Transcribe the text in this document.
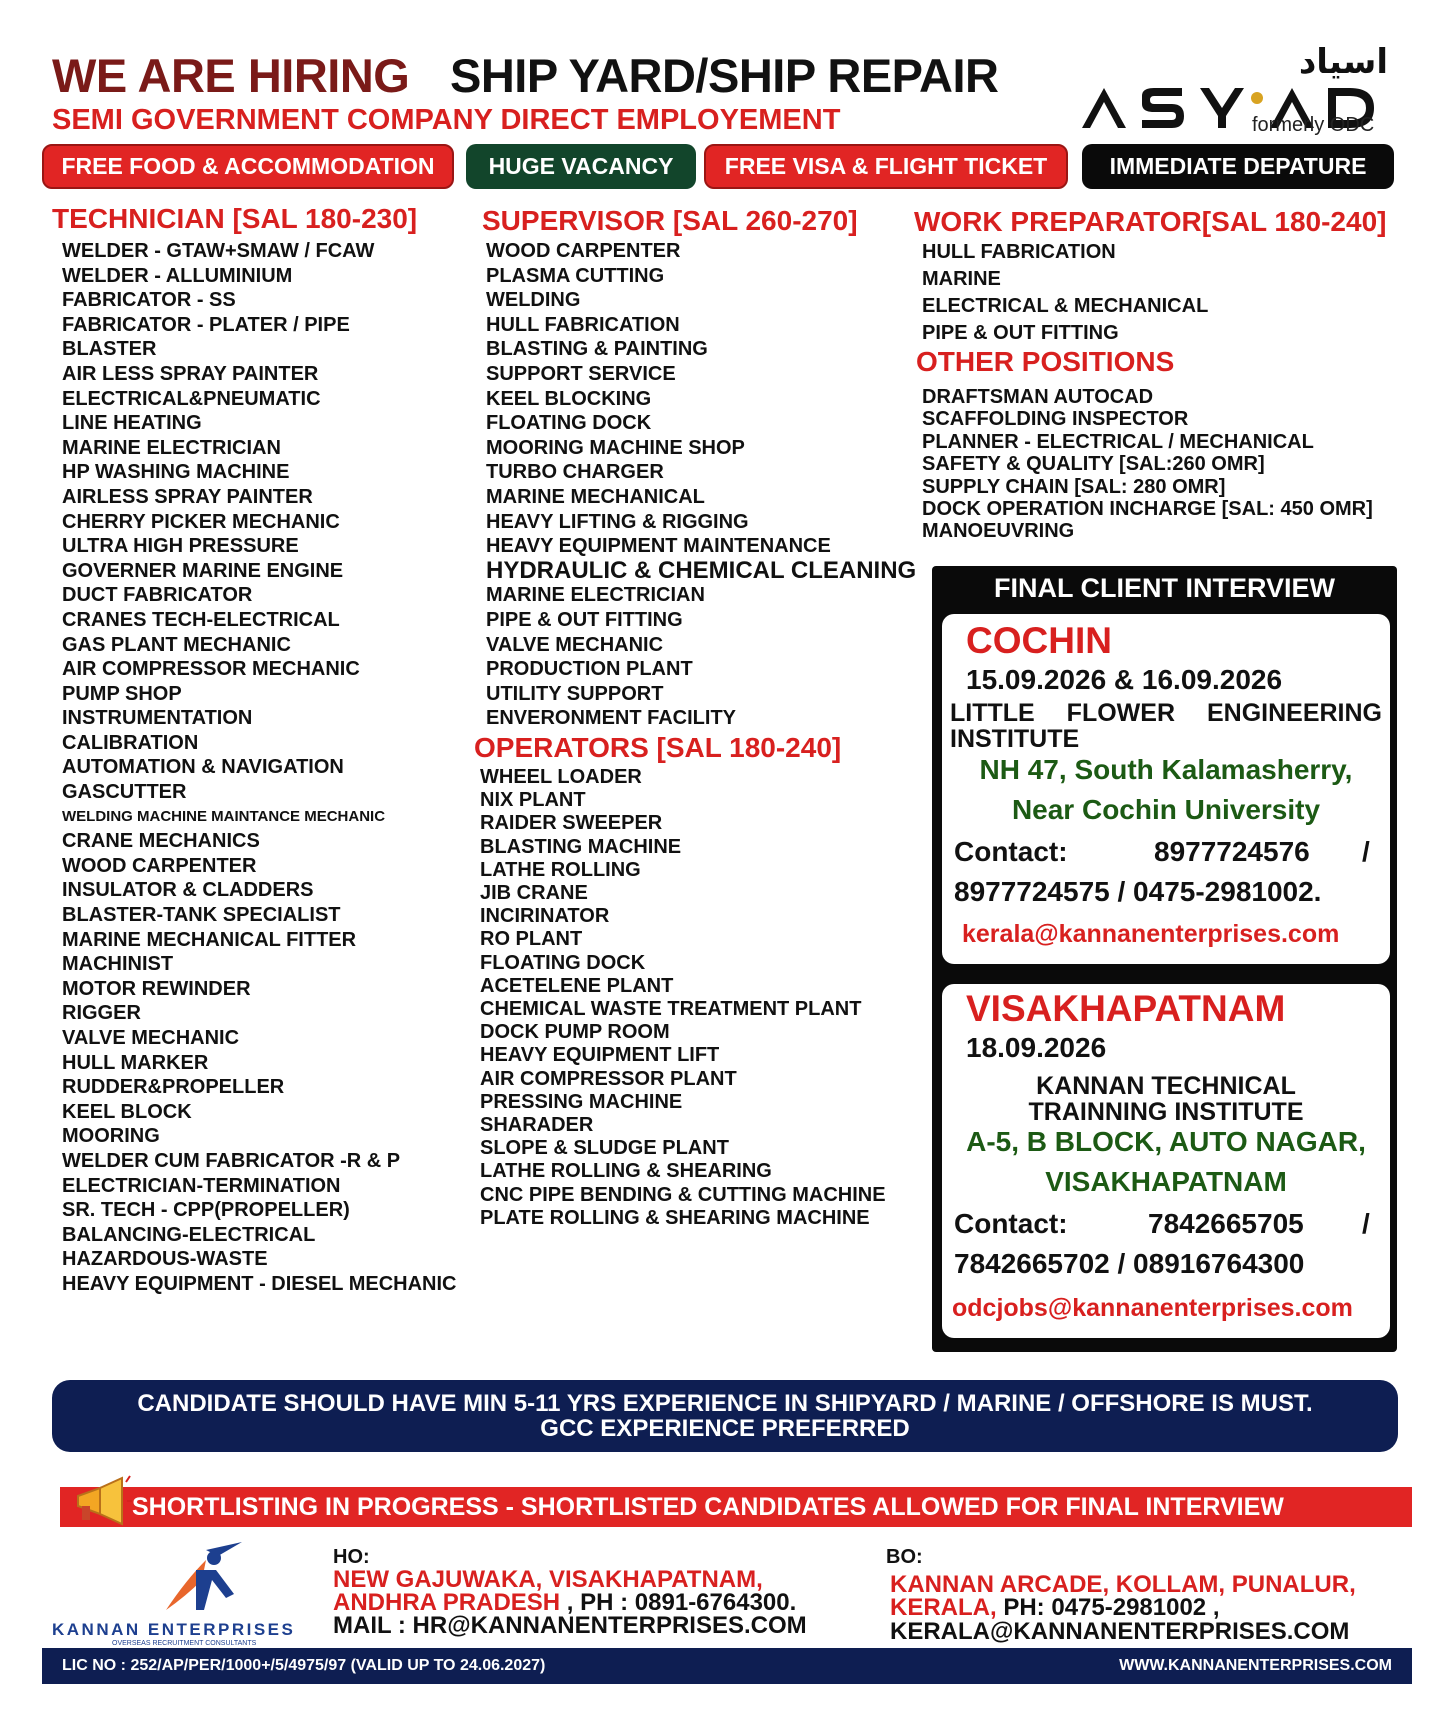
WE ARE HIRING SHIP YARD/SHIP REPAIR
SEMI GOVERNMENT COMPANY DIRECT EMPLOYEMENT
اسياد
formerly ODC
FREE FOOD & ACCOMMODATION	HUGE VACANCY	FREE VISA & FLIGHT TICKET	IMMEDIATE DEPATURE
TECHNICIAN [SAL 180-230]
WELDER - GTAW+SMAW / FCAW
WELDER - ALLUMINIUM
FABRICATOR - SS
FABRICATOR - PLATER / PIPE
BLASTER
AIR LESS SPRAY PAINTER
ELECTRICAL&PNEUMATIC
LINE HEATING
MARINE ELECTRICIAN
HP WASHING MACHINE
AIRLESS SPRAY PAINTER
CHERRY PICKER MECHANIC
ULTRA HIGH PRESSURE
GOVERNER MARINE ENGINE
DUCT FABRICATOR
CRANES TECH-ELECTRICAL
GAS PLANT MECHANIC
AIR COMPRESSOR MECHANIC
PUMP SHOP
INSTRUMENTATION
CALIBRATION
AUTOMATION & NAVIGATION
GASCUTTER
WELDING MACHINE MAINTANCE MECHANIC
CRANE MECHANICS
WOOD CARPENTER
INSULATOR & CLADDERS
BLASTER-TANK SPECIALIST
MARINE MECHANICAL FITTER
MACHINIST
MOTOR REWINDER
RIGGER
VALVE MECHANIC
HULL MARKER
RUDDER&PROPELLER
KEEL BLOCK
MOORING
WELDER CUM FABRICATOR -R & P
ELECTRICIAN-TERMINATION
SR. TECH - CPP(PROPELLER)
BALANCING-ELECTRICAL
HAZARDOUS-WASTE
HEAVY EQUIPMENT - DIESEL MECHANIC
SUPERVISOR [SAL 260-270]
WOOD CARPENTER
PLASMA CUTTING
WELDING
HULL FABRICATION
BLASTING & PAINTING
SUPPORT SERVICE
KEEL BLOCKING
FLOATING DOCK
MOORING MACHINE SHOP
TURBO CHARGER
MARINE MECHANICAL
HEAVY LIFTING & RIGGING
HEAVY EQUIPMENT MAINTENANCE
HYDRAULIC & CHEMICAL CLEANING
MARINE ELECTRICIAN
PIPE & OUT FITTING
VALVE MECHANIC
PRODUCTION PLANT
UTILITY SUPPORT
ENVERONMENT FACILITY
OPERATORS [SAL 180-240]
WHEEL LOADER
NIX PLANT
RAIDER SWEEPER
BLASTING MACHINE
LATHE ROLLING
JIB CRANE
INCIRINATOR
RO PLANT
FLOATING DOCK
ACETELENE PLANT
CHEMICAL WASTE TREATMENT PLANT
DOCK PUMP ROOM
HEAVY EQUIPMENT LIFT
AIR COMPRESSOR PLANT
PRESSING MACHINE
SHARADER
SLOPE & SLUDGE PLANT
LATHE ROLLING & SHEARING
CNC PIPE BENDING & CUTTING MACHINE
PLATE ROLLING & SHEARING MACHINE
WORK PREPARATOR[SAL 180-240]
HULL FABRICATION
MARINE
ELECTRICAL & MECHANICAL
PIPE & OUT FITTING
OTHER POSITIONS
DRAFTSMAN AUTOCAD
SCAFFOLDING INSPECTOR
PLANNER - ELECTRICAL / MECHANICAL
SAFETY & QUALITY [SAL:260 OMR]
SUPPLY CHAIN [SAL: 280 OMR]
DOCK OPERATION INCHARGE [SAL: 450 OMR]
MANOEUVRING
FINAL CLIENT INTERVIEW
COCHIN
15.09.2026 & 16.09.2026
LITTLE FLOWER ENGINEERING INSTITUTE
NH 47, South Kalamasherry,
Near Cochin University
Contact:	8977724576 /
8977724575 / 0475-2981002.
kerala@kannanenterprises.com
VISAKHAPATNAM
18.09.2026
KANNAN TECHNICAL
TRAINNING INSTITUTE
A-5, B BLOCK, AUTO NAGAR,
VISAKHAPATNAM
Contact:	7842665705 /
7842665702 / 08916764300
odcjobs@kannanenterprises.com
CANDIDATE SHOULD HAVE MIN 5-11 YRS EXPERIENCE IN SHIPYARD / MARINE / OFFSHORE IS MUST.
GCC EXPERIENCE PREFERRED
SHORTLISTING IN PROGRESS - SHORTLISTED CANDIDATES ALLOWED FOR FINAL INTERVIEW
KANNAN ENTERPRISES
OVERSEAS RECRUITMENT CONSULTANTS
HO:
NEW GAJUWAKA, VISAKHAPATNAM,
ANDHRA PRADESH , PH : 0891-6764300.
MAIL : HR@KANNANENTERPRISES.COM
BO:
KANNAN ARCADE, KOLLAM, PUNALUR,
KERALA, PH: 0475-2981002 ,
KERALA@KANNANENTERPRISES.COM
LIC NO : 252/AP/PER/1000+/5/4975/97 (VALID UP TO 24.06.2027)	WWW.KANNANENTERPRISES.COM
